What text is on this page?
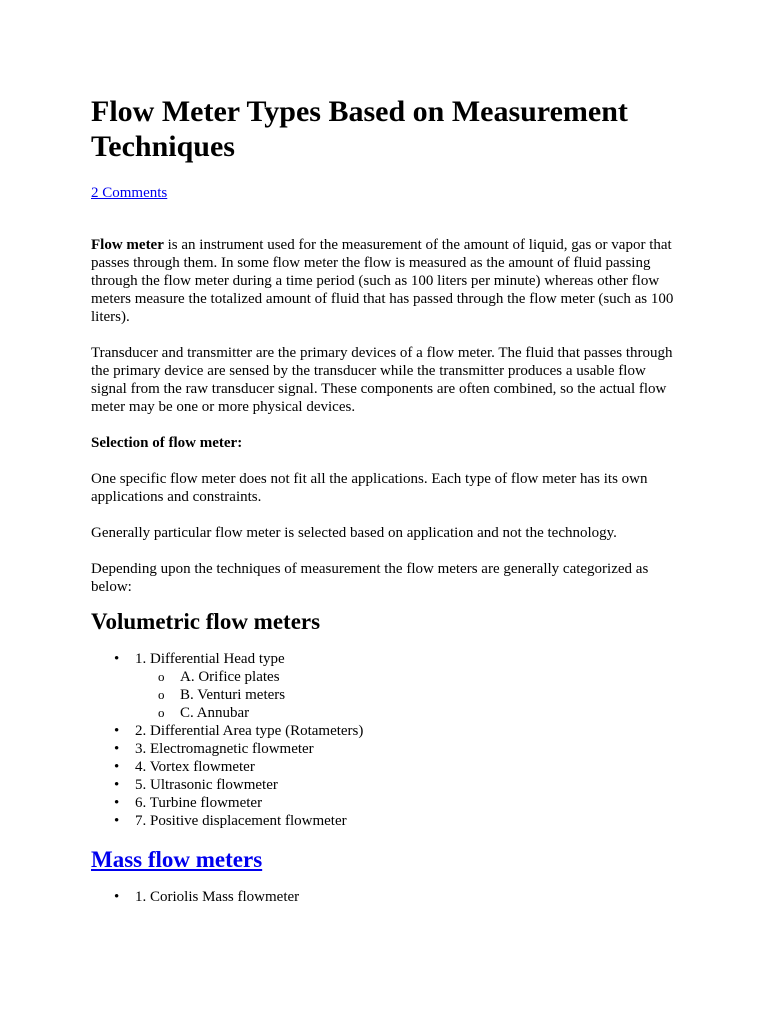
Flow Meter Types Based on Measurement Techniques
2 Comments

Flow meter is an instrument used for the measurement of the amount of liquid, gas or vapor that passes through them. In some flow meter the flow is measured as the amount of fluid passing through the flow meter during a time period (such as 100 liters per minute) whereas other flow meters measure the totalized amount of fluid that has passed through the flow meter (such as 100 liters).

Transducer and transmitter are the primary devices of a flow meter. The fluid that passes through the primary device are sensed by the transducer while the transmitter produces a usable flow signal from the raw transducer signal. These components are often combined, so the actual flow meter may be one or more physical devices.

Selection of flow meter:

One specific flow meter does not fit all the applications. Each type of flow meter has its own applications and constraints.

Generally particular flow meter is selected based on application and not the technology.

Depending upon the techniques of measurement the flow meters are generally categorized as below:

Volumetric flow meters
• 1. Differential Head type
o A. Orifice plates
o B. Venturi meters
o C. Annubar
• 2. Differential Area type (Rotameters)
• 3. Electromagnetic flowmeter
• 4. Vortex flowmeter
• 5. Ultrasonic flowmeter
• 6. Turbine flowmeter
• 7. Positive displacement flowmeter
Mass flow meters
• 1. Coriolis Mass flowmeter
